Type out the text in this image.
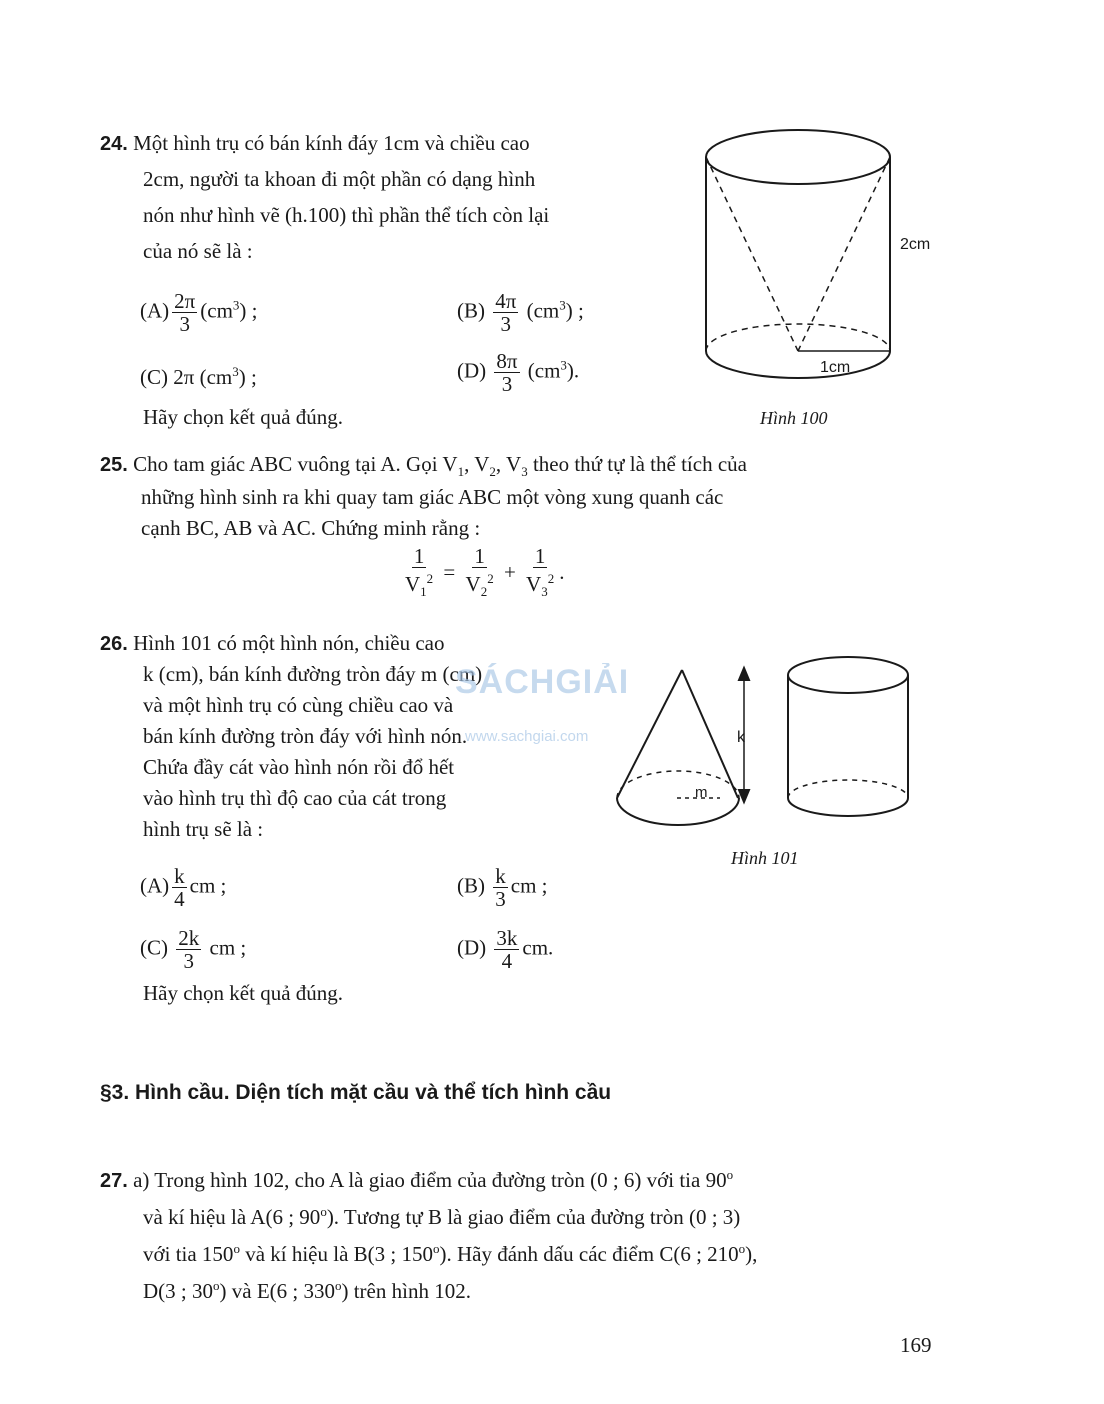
24. Một hình trụ có bán kính đáy 1cm và chiều cao
2cm, người ta khoan đi một phần có dạng hình
nón như hình vẽ (h.100) thì phần thể tích còn lại
của nó sẽ là :
$(A) \frac{2\pi}{3} (cm^3)$ ;	$(B) \frac{4\pi}{3} (cm^3)$ ;
(C) 2π $(cm^3)$ ;	$(D) \frac{8\pi}{3} (cm^3)$.
Hãy chọn kết quả đúng.
2cm
1cm
Hình 100
25. Cho tam giác ABC vuông tại A. Gọi $V_1$, $V_2$, $V_3$ theo thứ tự là thể tích của
những hình sinh ra khi quay tam giác ABC một vòng xung quanh các
cạnh BC, AB và AC. Chứng minh rằng :
$\frac{1}{V_1^2} = \frac{1}{V_2^2} + \frac{1}{V_3^2}$ .
26. Hình 101 có một hình nón, chiều cao
k (cm), bán kính đường tròn đáy m (cm)
và một hình trụ có cùng chiều cao và
bán kính đường tròn đáy với hình nón.
Chứa đầy cát vào hình nón rồi đổ hết
vào hình trụ thì độ cao của cát trong
hình trụ sẽ là :
$(A) \frac{k}{4}$ cm ;	$(B) \frac{k}{3}$ cm ;
$(C) \frac{2k}{3}$ cm ;	$(D) \frac{3k}{4}$ cm.
Hãy chọn kết quả đúng.
k
m
Hình 101
SÁCHGIẢI
www.sachgiai.com
§3. Hình cầu. Diện tích mặt cầu và thể tích hình cầu
27. a) Trong hình 102, cho A là giao điểm của đường tròn (0 ; 6) với tia 90$^o$
và kí hiệu là A(6 ; 90$^o$). Tương tự B là giao điểm của đường tròn (0 ; 3)
với tia 150$^o$ và kí hiệu là B(3 ; 150$^o$). Hãy đánh dấu các điểm C(6 ; 210$^o$),
D(3 ; 30$^o$) và E(6 ; 330$^o$) trên hình 102.
169
